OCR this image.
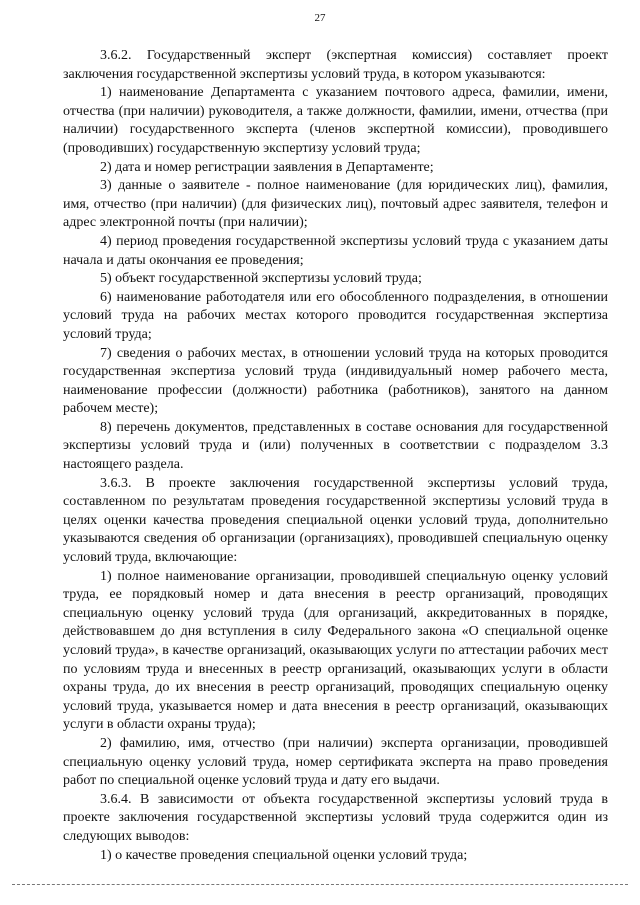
27

3.6.2. Государственный эксперт (экспертная комиссия) составляет проект заключения государственной экспертизы условий труда, в котором указываются:

1) наименование Департамента с указанием почтового адреса, фамилии, имени, отчества (при наличии) руководителя, а также должности, фамилии, имени, отчества (при наличии) государственного эксперта (членов экспертной комиссии), проводившего (проводивших) государственную экспертизу условий труда;

2) дата и номер регистрации заявления в Департаменте;

3) данные о заявителе - полное наименование (для юридических лиц), фамилия, имя, отчество (при наличии) (для физических лиц), почтовый адрес заявителя, телефон и адрес электронной почты (при наличии);

4) период проведения государственной экспертизы условий труда с указанием даты начала и даты окончания ее проведения;

5) объект государственной экспертизы условий труда;

6) наименование работодателя или его обособленного подразделения, в отношении условий труда на рабочих местах которого проводится государственная экспертиза условий труда;

7) сведения о рабочих местах, в отношении условий труда на которых проводится государственная экспертиза условий труда (индивидуальный номер рабочего места, наименование профессии (должности) работника (работников), занятого на данном рабочем месте);

8) перечень документов, представленных в составе основания для государственной экспертизы условий труда и (или) полученных в соответствии с подразделом 3.3 настоящего раздела.

3.6.3. В проекте заключения государственной экспертизы условий труда, составленном по результатам проведения государственной экспертизы условий труда в целях оценки качества проведения специальной оценки условий труда, дополнительно указываются сведения об организации (организациях), проводившей специальную оценку условий труда, включающие:

1) полное наименование организации, проводившей специальную оценку условий труда, ее порядковый номер и дата внесения в реестр организаций, проводящих специальную оценку условий труда (для организаций, аккредитованных в порядке, действовавшем до дня вступления в силу Федерального закона «О специальной оценке условий труда», в качестве организаций, оказывающих услуги по аттестации рабочих мест по условиям труда и внесенных в реестр организаций, оказывающих услуги в области охраны труда, до их внесения в реестр организаций, проводящих специальную оценку условий труда, указывается номер и дата внесения в реестр организаций, оказывающих услуги в области охраны труда);

2) фамилию, имя, отчество (при наличии) эксперта организации, проводившей специальную оценку условий труда, номер сертификата эксперта на право проведения работ по специальной оценке условий труда и дату его выдачи.

3.6.4. В зависимости от объекта государственной экспертизы условий труда в проекте заключения государственной экспертизы условий труда содержится один из следующих выводов:

1) о качестве проведения специальной оценки условий труда;
